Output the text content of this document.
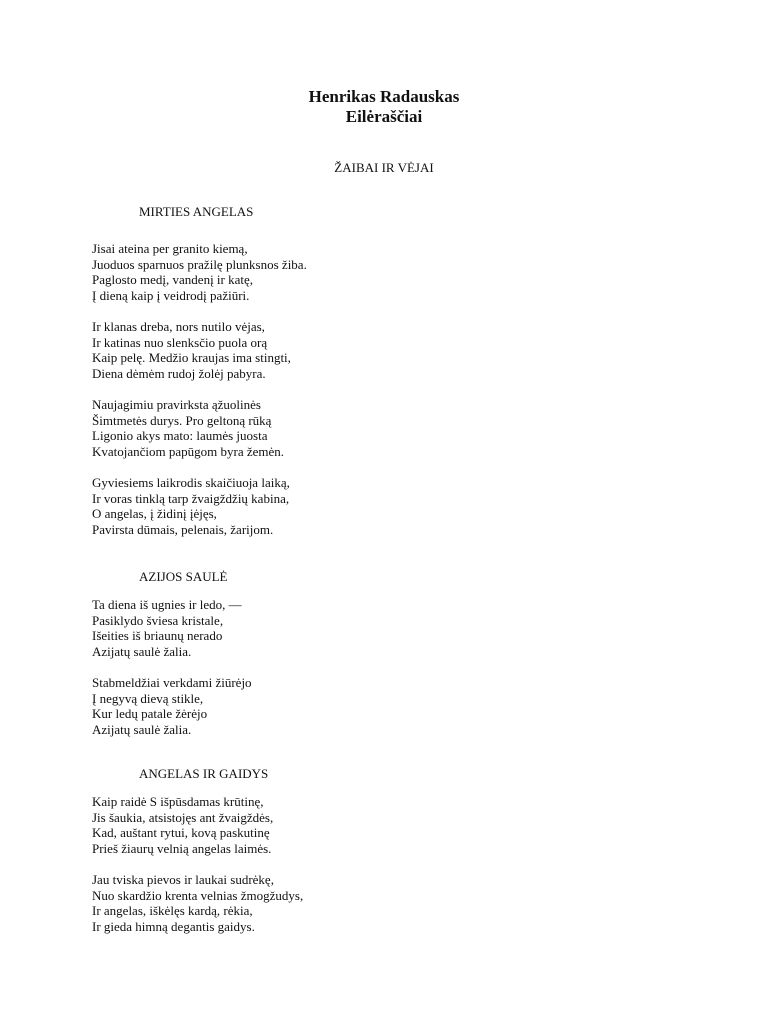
Henrikas Radauskas
Eilėraščiai
ŽAIBAI IR VĖJAI
MIRTIES ANGELAS
Jisai ateina per granito kiemą,
Juoduos sparnuos pražilę plunksnos žiba.
Paglosto medį, vandenį ir katę,
Į dieną kaip į veidrodį pažiūri.
Ir klanas dreba, nors nutilo vėjas,
Ir katinas nuo slenksčio puola orą
Kaip pelę. Medžio kraujas ima stingti,
Diena dėmėm rudoj žolėj pabyra.
Naujagimiu pravirksta ąžuolinės
Šimtmetės durys. Pro geltoną rūką
Ligonio akys mato: laumės juosta
Kvatojančiom papūgom byra žemėn.
Gyviesiems laikrodis skaičiuoja laiką,
Ir voras tinklą tarp žvaigždžių kabina,
O angelas, į židinį įėjęs,
Pavirsta dūmais, pelenais, žarijom.
AZIJOS SAULĖ
Ta diena iš ugnies ir ledo, —
Pasiklydo šviesa kristale,
Išeities iš briaunų nerado
Azijatų saulė žalia.
Stabmeldžiai verkdami žiūrėjo
Į negyvą dievą stikle,
Kur ledų patale žėrėjo
Azijatų saulė žalia.
ANGELAS IR GAIDYS
Kaip raidė S išpūsdamas krūtinę,
Jis šaukia, atsistojęs ant žvaigždės,
Kad, auštant rytui, kovą paskutinę
Prieš žiaurų velnią angelas laimės.
Jau tviska pievos ir laukai sudrėkę,
Nuo skardžio krenta velnias žmogžudys,
Ir angelas, iškėlęs kardą, rėkia,
Ir gieda himną degantis gaidys.
